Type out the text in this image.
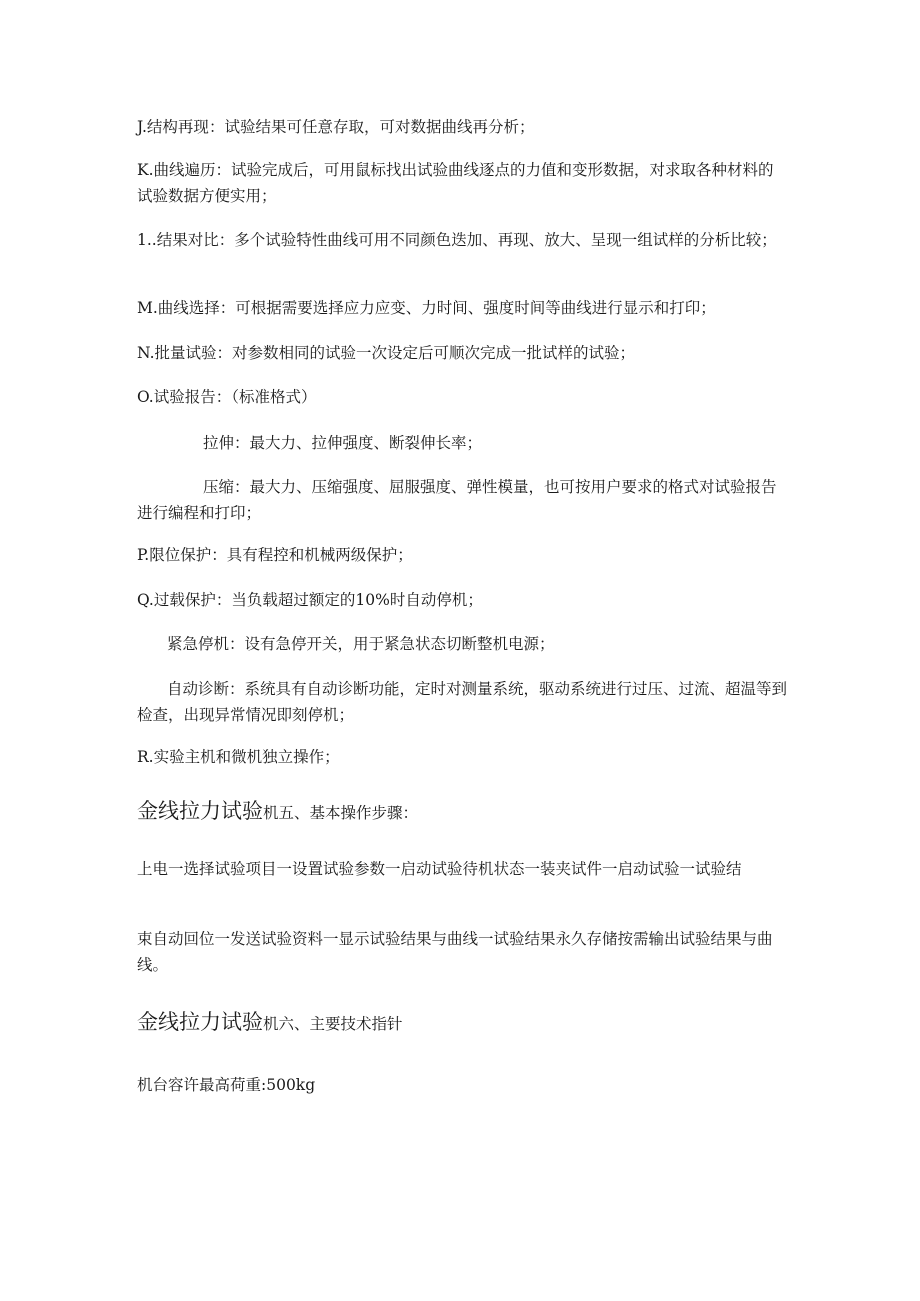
J.结构再现：试验结果可任意存取，可对数据曲线再分析；

K.曲线遍历：试验完成后，可用鼠标找出试验曲线逐点的力值和变形数据，对求取各种材料的试验数据方便实用；

1..结果对比：多个试验特性曲线可用不同颜色迭加、再现、放大、呈现一组试样的分析比较；

M.曲线选择：可根据需要选择应力应变、力时间、强度时间等曲线进行显示和打印；

N.批量试验：对参数相同的试验一次设定后可顺次完成一批试样的试验；

O.试验报告：（标准格式）

拉伸：最大力、拉伸强度、断裂伸长率；

压缩：最大力、压缩强度、屈服强度、弹性模量，也可按用户要求的格式对试验报告进行编程和打印；

P.限位保护：具有程控和机械两级保护；

Q.过载保护：当负载超过额定的10%时自动停机；

紧急停机：设有急停开关，用于紧急状态切断整机电源；

自动诊断：系统具有自动诊断功能，定时对测量系统，驱动系统进行过压、过流、超温等到检查，出现异常情况即刻停机；

R.实验主机和微机独立操作；

金线拉力试验机五、基本操作步骤：

上电一选择试验项目一设置试验参数一启动试验待机状态一装夹试件一启动试验一试验结

束自动回位一发送试验资料一显示试验结果与曲线一试验结果永久存储按需输出试验结果与曲线。

金线拉力试验机六、主要技术指针

机台容许最高荷重:500kg
